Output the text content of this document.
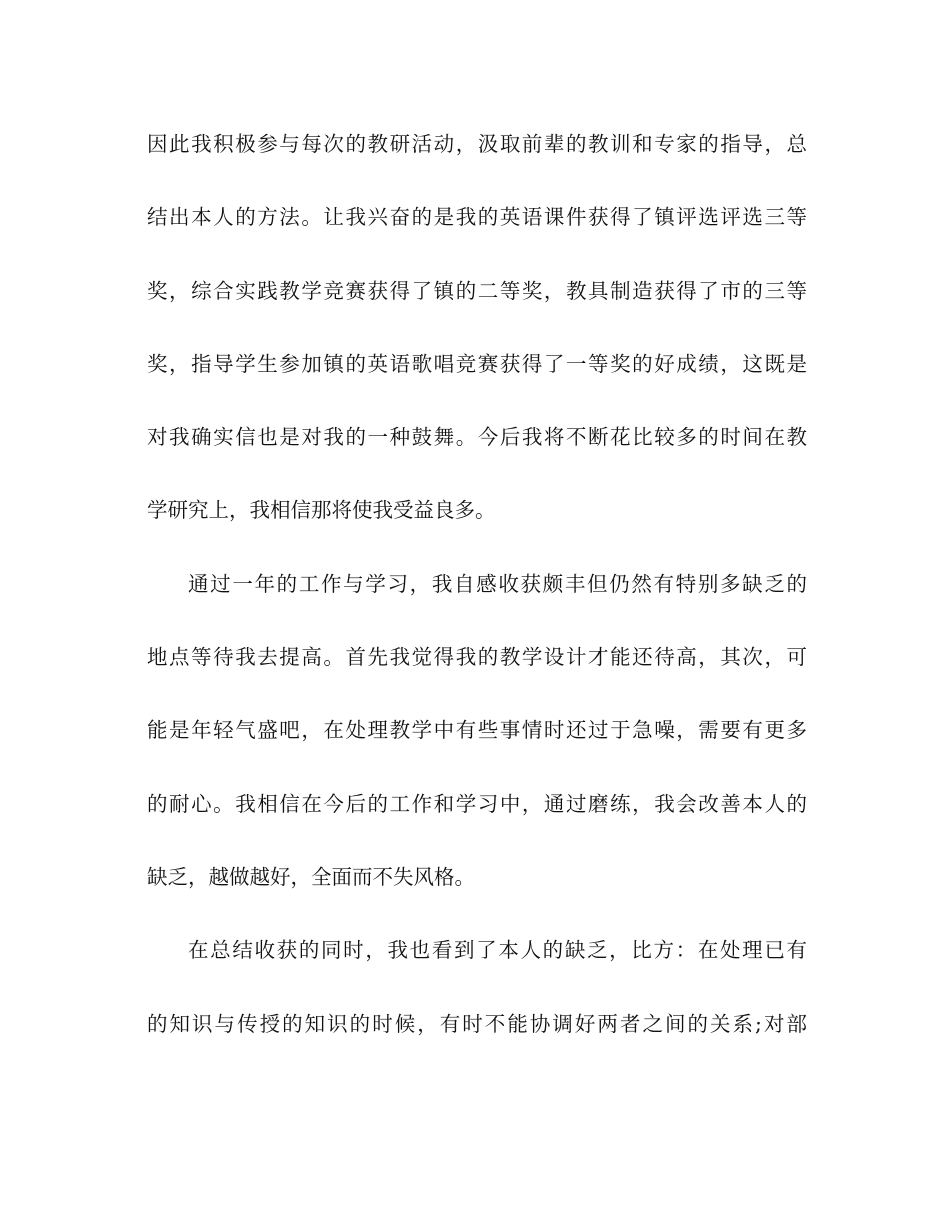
因此我积极参与每次的教研活动，汲取前辈的教训和专家的指导，总
结出本人的方法。让我兴奋的是我的英语课件获得了镇评选评选三等
奖，综合实践教学竞赛获得了镇的二等奖，教具制造获得了市的三等
奖，指导学生参加镇的英语歌唱竞赛获得了一等奖的好成绩，这既是
对我确实信也是对我的一种鼓舞。今后我将不断花比较多的时间在教
学研究上，我相信那将使我受益良多。
通过一年的工作与学习，我自感收获颇丰但仍然有特别多缺乏的
地点等待我去提高。首先我觉得我的教学设计才能还待高，其次，可
能是年轻气盛吧，在处理教学中有些事情时还过于急噪，需要有更多
的耐心。我相信在今后的工作和学习中，通过磨练，我会改善本人的
缺乏，越做越好，全面而不失风格。
在总结收获的同时，我也看到了本人的缺乏，比方：在处理已有
的知识与传授的知识的时候，有时不能协调好两者之间的关系;对部
